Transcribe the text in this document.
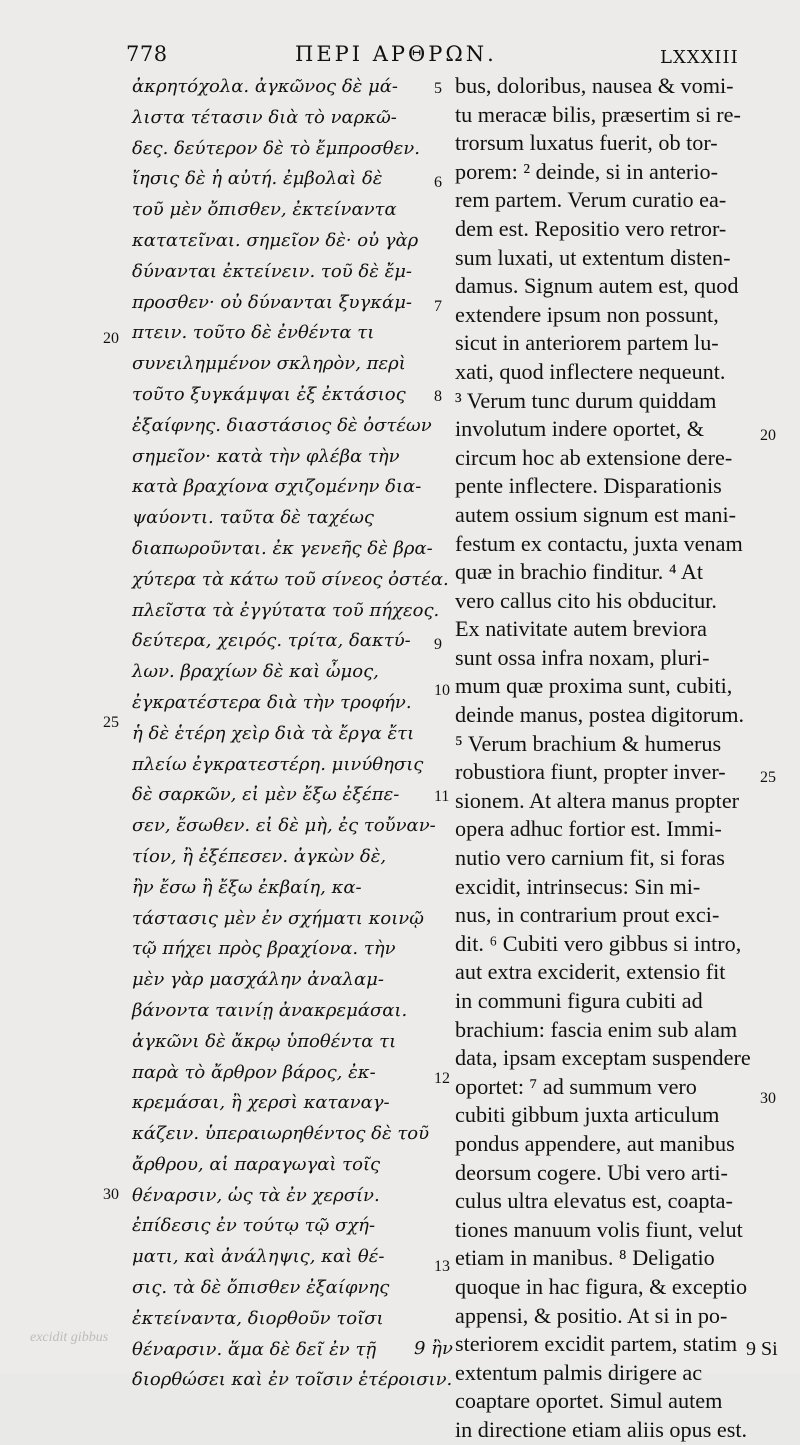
778	ΠΕΡΙ ΑΡΘΡΩΝ.	LXXXIII
ἀκρητόχολα. ἀγκῶνος δὲ μά-
λιστα τέτασιν διὰ τὸ ναρκῶ-
δες. δεύτερον δὲ τὸ ἔμπροσθεν.
ἴησις δὲ ἡ αὐτή. ἐμβολαὶ δὲ
τοῦ μὲν ὄπισθεν, ἐκτείναντα
κατατεῖναι. σημεῖον δὲ· οὐ γὰρ
δύνανται ἐκτείνειν. τοῦ δὲ ἔμ-
προσθεν· οὐ δύνανται ξυγκάμ-
πτειν. τοῦτο δὲ ἐνθέντα τι
συνειλημμένον σκληρὸν, περὶ
τοῦτο ξυγκάμψαι ἐξ ἐκτάσιος
ἐξαίφνης. διαστάσιος δὲ ὀστέων
σημεῖον· κατὰ τὴν φλέβα τὴν
κατὰ βραχίονα σχιζομένην δια-
ψαύοντι. ταῦτα δὲ ταχέως
διαπωροῦνται. ἐκ γενεῆς δὲ βρα-
χύτερα τὰ κάτω τοῦ σίνεος ὀστέα.
πλεῖστα τὰ ἐγγύτατα τοῦ πήχεος.
δεύτερα, χειρός. τρίτα, δακτύ-
λων. βραχίων δὲ καὶ ὦμος,
ἐγκρατέστερα διὰ τὴν τροφήν.
ἡ δὲ ἑτέρη χεὶρ διὰ τὰ ἔργα ἔτι
πλείω ἐγκρατεστέρη. μινύθησις
δὲ σαρκῶν, εἰ μὲν ἔξω ἐξέπε-
σεν, ἔσωθεν. εἰ δὲ μὴ, ἐς τοὔναν-
τίον, ἢ ἐξέπεσεν. ἀγκὼν δὲ,
ἢν ἔσω ἢ ἔξω ἐκβαίη, κα-
τάστασις μὲν ἐν σχήματι κοινῷ
τῷ πήχει πρὸς βραχίονα. τὴν
μὲν γὰρ μασχάλην ἀναλαμ-
βάνοντα ταινίῃ ἀνακρεμάσαι.
ἀγκῶνι δὲ ἄκρῳ ὑποθέντα τι
παρὰ τὸ ἄρθρον βάρος, ἐκ-
κρεμάσαι, ἢ χερσὶ καταναγ-
κάζειν. ὑπεραιωρηθέντος δὲ τοῦ
ἄρθρου, αἱ παραγωγαὶ τοῖς
θέναρσιν, ὡς τὰ ἐν χερσίν.
ἐπίδεσις ἐν τούτῳ τῷ σχή-
ματι, καὶ ἀνάληψις, καὶ θέ-
σις. τὰ δὲ ὄπισθεν ἐξαίφνης
ἐκτείναντα, διορθοῦν τοῖσι
θέναρσιν. ἅμα δὲ δεῖ ἐν τῇ
διορθώσει καὶ ἐν τοῖσιν ἑτέροισιν.
bus, doloribus, nausea & vomi-
tu meracæ bilis, præsertim si re-
trorsum luxatus fuerit, ob tor-
porem: ² deinde, si in anterio-
rem partem. Verum curatio ea-
dem est. Repositio vero retror-
sum luxati, ut extentum disten-
damus. Signum autem est, quod
extendere ipsum non possunt,
sicut in anteriorem partem lu-
xati, quod inflectere nequeunt.
³ Verum tunc durum quiddam
involutum indere oportet, &
circum hoc ab extensione dere-
pente inflectere. Disparationis
autem ossium signum est mani-
festum ex contactu, juxta venam
quæ in brachio finditur. ⁴ At
vero callus cito his obducitur.
Ex nativitate autem breviora
sunt ossa infra noxam, pluri-
mum quæ proxima sunt, cubiti,
deinde manus, postea digitorum.
⁵ Verum brachium & humerus
robustiora fiunt, propter inver-
sionem. At altera manus propter
opera adhuc fortior est. Immi-
nutio vero carnium fit, si foras
excidit, intrinsecus: Sin mi-
nus, in contrarium prout exci-
dit. ⁶ Cubiti vero gibbus si intro,
aut extra exciderit, extensio fit
in communi figura cubiti ad
brachium: fascia enim sub alam
data, ipsam exceptam suspendere
oportet: ⁷ ad summum vero
cubiti gibbum juxta articulum
pondus appendere, aut manibus
deorsum cogere. Ubi vero arti-
culus ultra elevatus est, coapta-
tiones manuum volis fiunt, velut
etiam in manibus. ⁸ Deligatio
quoque in hac figura, & exceptio
appensi, & positio. At si in po-
steriorem excidit partem, statim
extentum palmis dirigere ac
coaptare oportet. Simul autem
in directione etiam aliis opus est.
5
6
7
8
9
10
11
12
13
20
25
30
20
25
30
9 ἢν	9 Si
excidit gibbus
